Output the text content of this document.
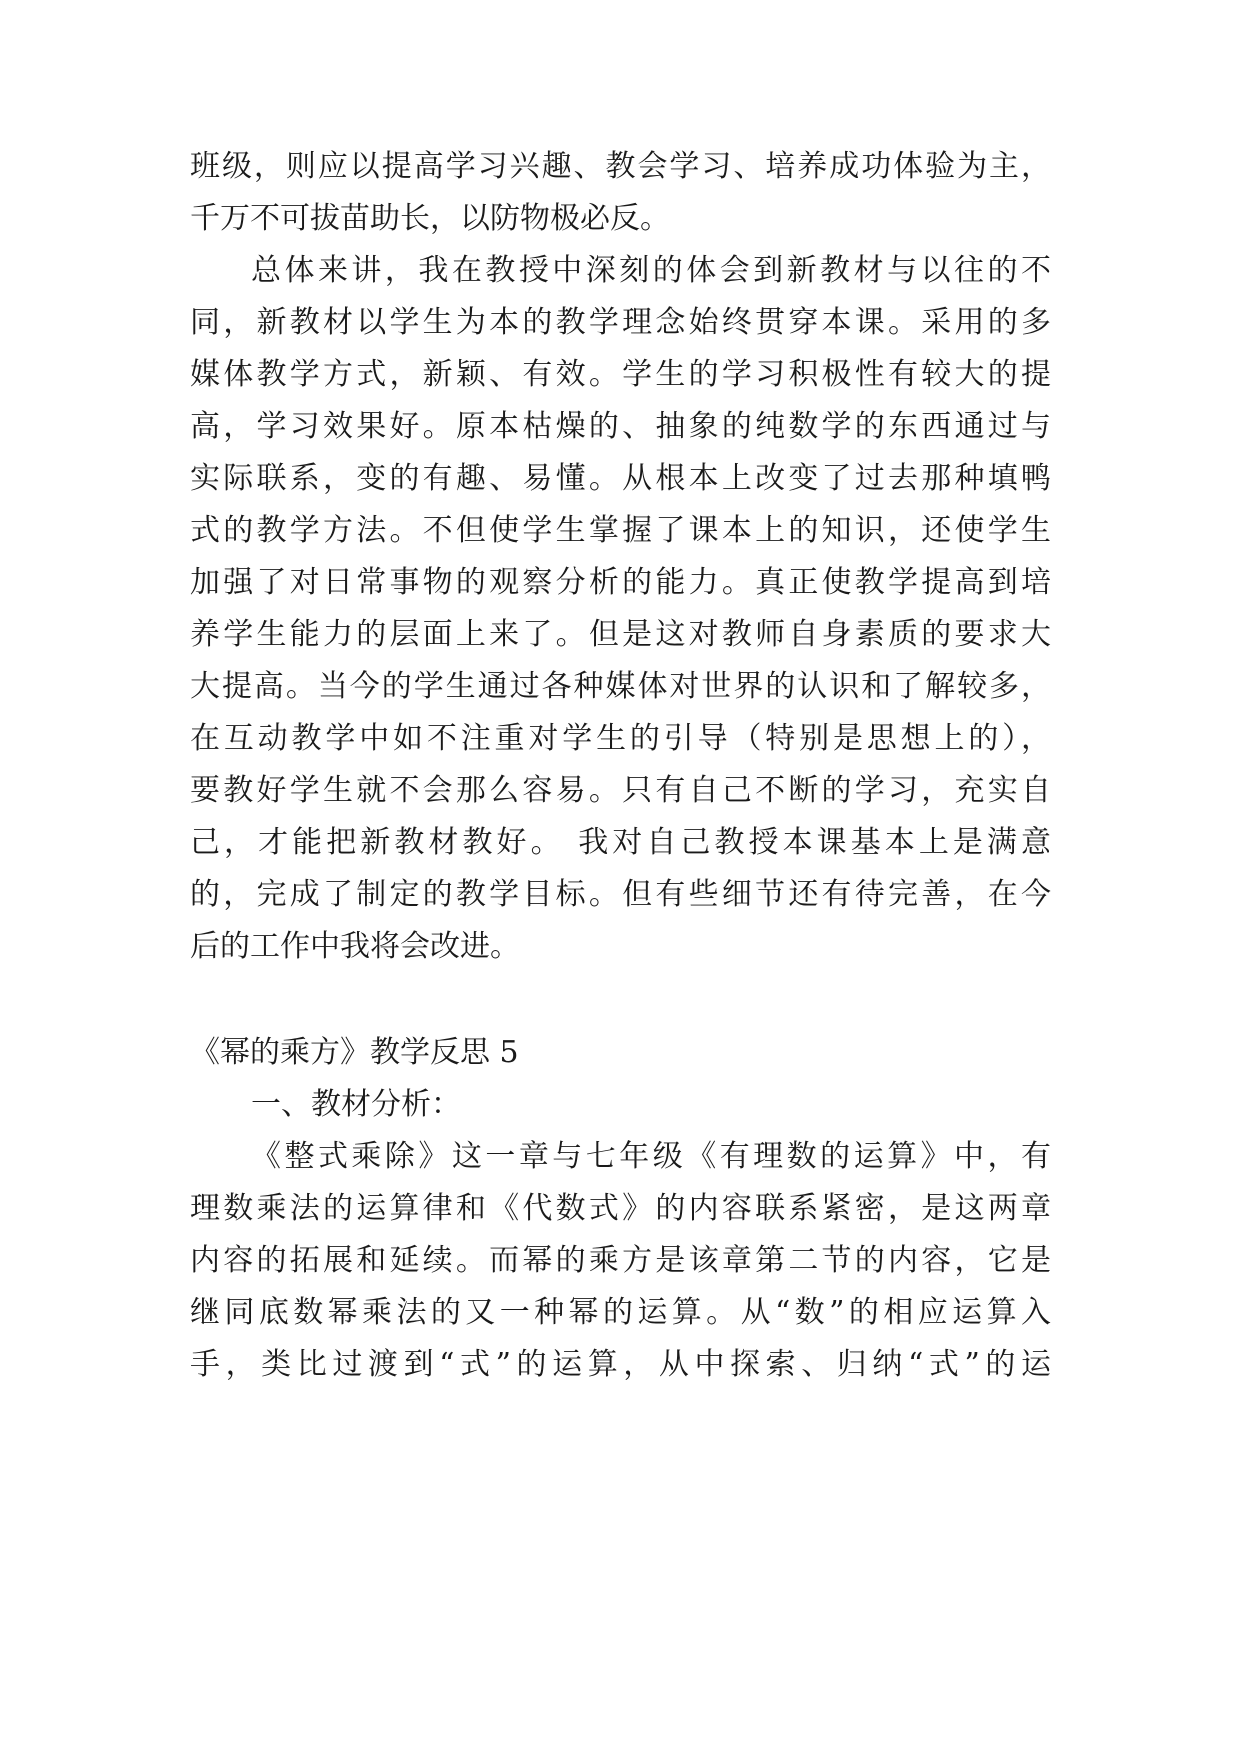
班级，则应以提高学习兴趣、教会学习、培养成功体验为主，
千万不可拔苗助长，以防物极必反。
总体来讲，我在教授中深刻的体会到新教材与以往的不
同，新教材以学生为本的教学理念始终贯穿本课。采用的多
媒体教学方式，新颖、有效。学生的学习积极性有较大的提
高，学习效果好。原本枯燥的、抽象的纯数学的东西通过与
实际联系，变的有趣、易懂。从根本上改变了过去那种填鸭
式的教学方法。不但使学生掌握了课本上的知识，还使学生
加强了对日常事物的观察分析的能力。真正使教学提高到培
养学生能力的层面上来了。但是这对教师自身素质的要求大
大提高。当今的学生通过各种媒体对世界的认识和了解较多，
在互动教学中如不注重对学生的引导（特别是思想上的），
要教好学生就不会那么容易。只有自己不断的学习，充实自
己，才能把新教材教好。 我对自己教授本课基本上是满意
的，完成了制定的教学目标。但有些细节还有待完善，在今
后的工作中我将会改进。
《幂的乘方》教学反思 5
一、教材分析：
《整式乘除》这一章与七年级《有理数的运算》中，有
理数乘法的运算律和《代数式》的内容联系紧密，是这两章
内容的拓展和延续。而幂的乘方是该章第二节的内容，它是
继同底数幂乘法的又一种幂的运算。从“数”的相应运算入
手，类比过渡到“式”的运算，从中探索、归纳“式”的运
